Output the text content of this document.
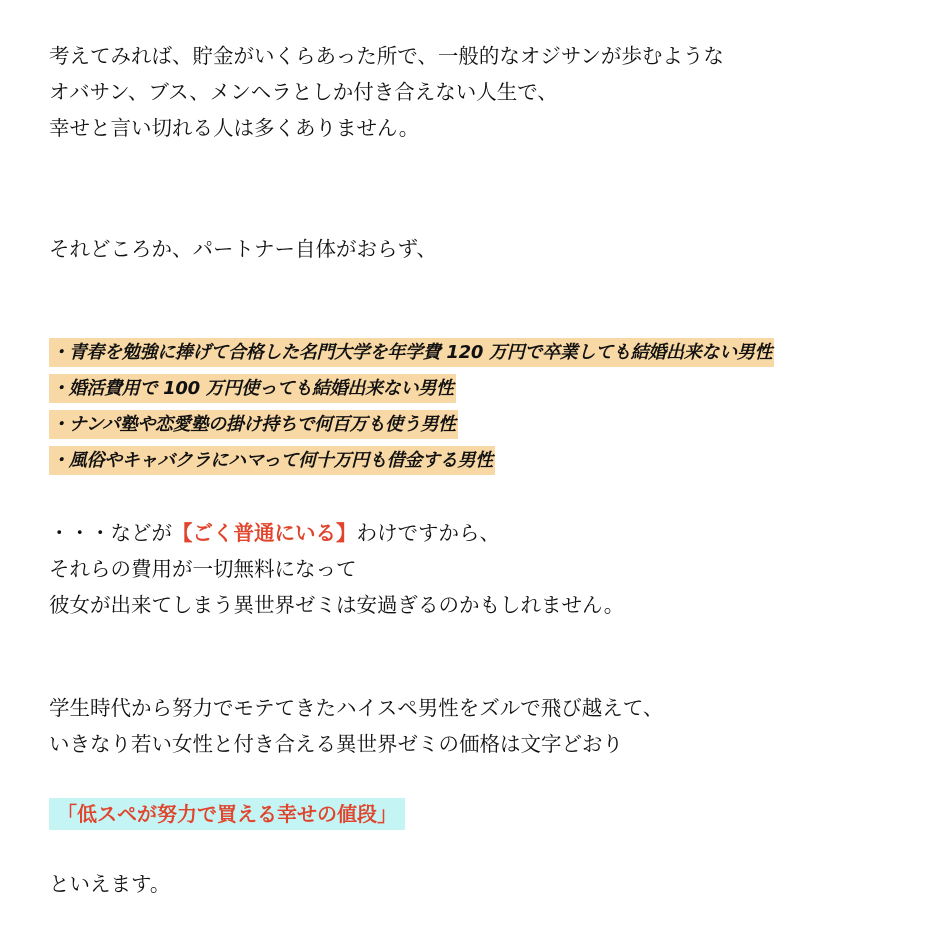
考えてみれば、貯金がいくらあった所で、一般的なオジサンが歩むような
オバサン、ブス、メンヘラとしか付き合えない人生で、
幸せと言い切れる人は多くありません。

それどころか、パートナー自体がおらず、

・青春を勉強に捧げて合格した名門大学を年学費 120 万円で卒業しても結婚出来ない男性
・婚活費用で 100 万円使っても結婚出来ない男性
・ナンパ塾や恋愛塾の掛け持ちで何百万も使う男性
・風俗やキャバクラにハマって何十万円も借金する男性

・・・などが【ごく普通にいる】わけですから、
それらの費用が一切無料になって
彼女が出来てしまう異世界ゼミは安過ぎるのかもしれません。

学生時代から努力でモテてきたハイスペ男性をズルで飛び越えて、
いきなり若い女性と付き合える異世界ゼミの価格は文字どおり

「低スペが努力で買える幸せの値段」

といえます。
